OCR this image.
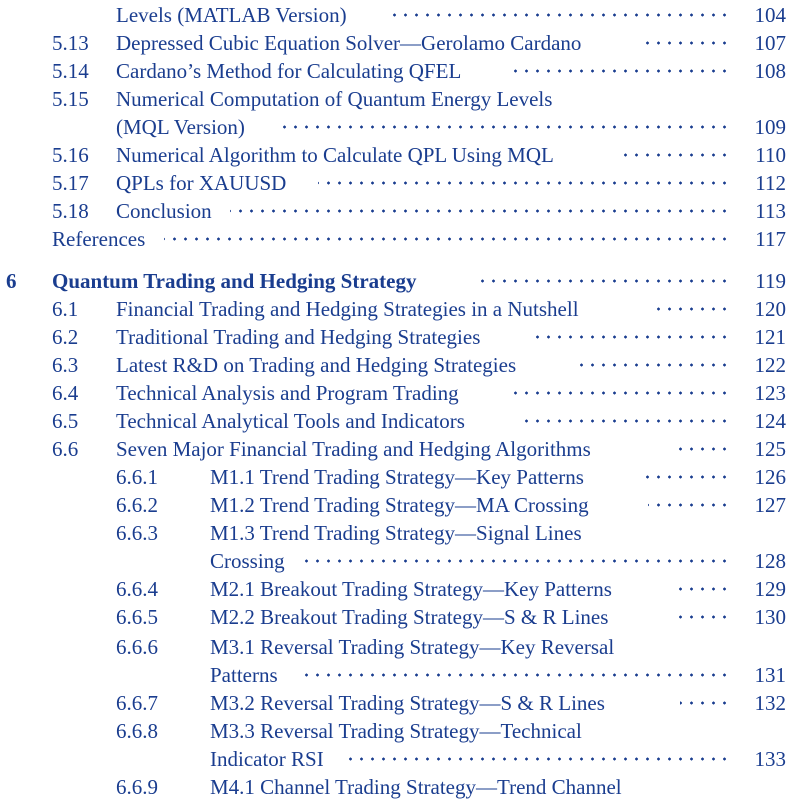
Levels (MATLAB Version)	104
5.13 Depressed Cubic Equation Solver—Gerolamo Cardano	107
5.14 Cardano’s Method for Calculating QFEL	108
5.15 Numerical Computation of Quantum Energy Levels
(MQL Version)	109
5.16 Numerical Algorithm to Calculate QPL Using MQL	110
5.17 QPLs for XAUUSD	112
5.18 Conclusion	113
References	117
6 Quantum Trading and Hedging Strategy	119
6.1 Financial Trading and Hedging Strategies in a Nutshell	120
6.2 Traditional Trading and Hedging Strategies	121
6.3 Latest R&D on Trading and Hedging Strategies	122
6.4 Technical Analysis and Program Trading	123
6.5 Technical Analytical Tools and Indicators	124
6.6 Seven Major Financial Trading and Hedging Algorithms	125
6.6.1 M1.1 Trend Trading Strategy—Key Patterns	126
6.6.2 M1.2 Trend Trading Strategy—MA Crossing	127
6.6.3 M1.3 Trend Trading Strategy—Signal Lines
Crossing	128
6.6.4 M2.1 Breakout Trading Strategy—Key Patterns	129
6.6.5 M2.2 Breakout Trading Strategy—S & R Lines	130
6.6.6 M3.1 Reversal Trading Strategy—Key Reversal
Patterns	131
6.6.7 M3.2 Reversal Trading Strategy—S & R Lines	132
6.6.8 M3.3 Reversal Trading Strategy—Technical
Indicator RSI	133
6.6.9 M4.1 Channel Trading Strategy—Trend Channel
